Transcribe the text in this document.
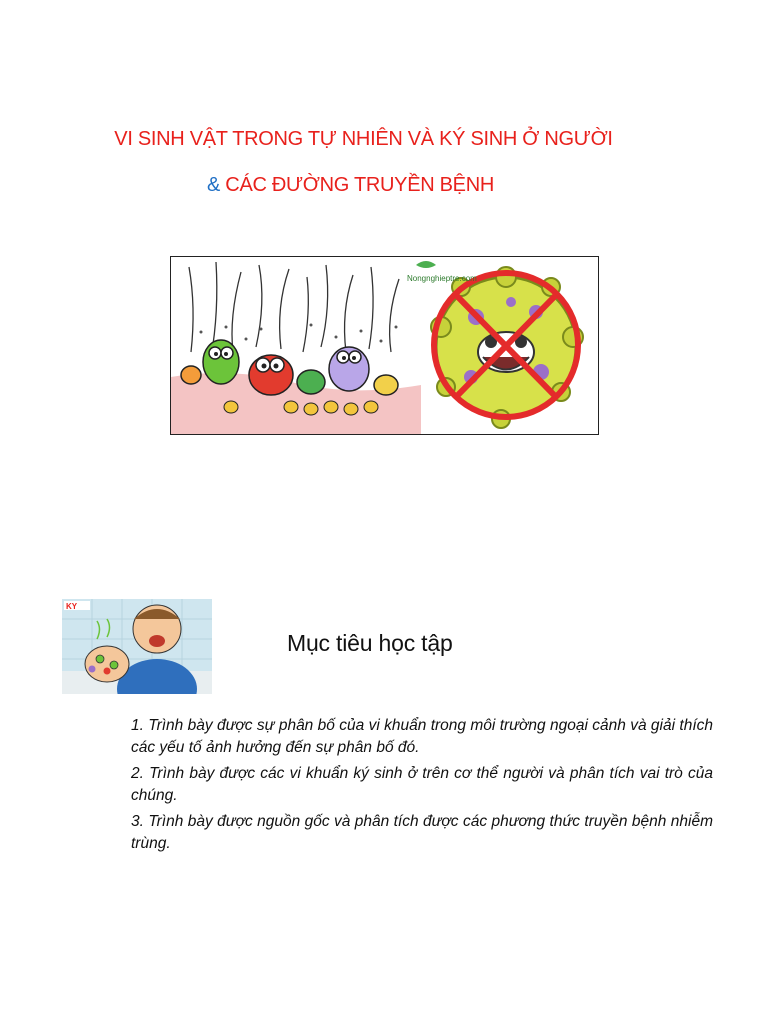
VI SINH VẬT TRONG TỰ NHIÊN VÀ KÝ SINH Ở NGƯỜI
& CÁC ĐƯỜNG TRUYỀN BỆNH
Nongnghieptre.com
KY
Mục tiêu học tập
1. Trình bày được sự phân bố của vi khuẩn trong môi trường ngoại cảnh và giải thích các yếu tố ảnh hưởng đến sự phân bố đó.
2. Trình bày được các vi khuẩn ký sinh ở trên cơ thể người và phân tích vai trò của chúng.
3. Trình bày được nguồn gốc và phân tích được các phương thức truyền bệnh nhiễm trùng.
